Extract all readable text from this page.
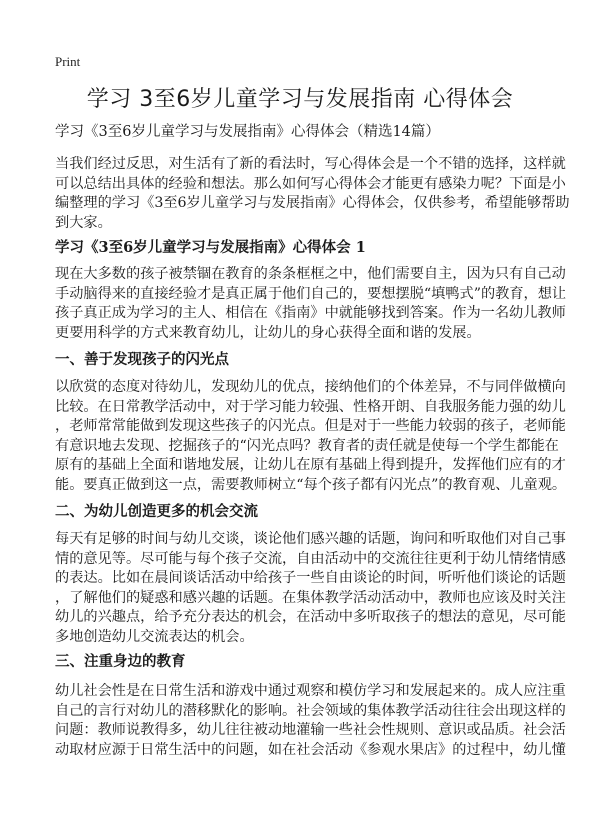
Print
学习 3至6岁儿童学习与发展指南 心得体会
学习《3至6岁儿童学习与发展指南》心得体会（精选14篇）
当我们经过反思，对生活有了新的看法时，写心得体会是一个不错的选择，这样就
可以总结出具体的经验和想法。那么如何写心得体会才能更有感染力呢？下面是小
编整理的学习《3至6岁儿童学习与发展指南》心得体会，仅供参考，希望能够帮助
到大家。
学习《3至6岁儿童学习与发展指南》心得体会 1
现在大多数的孩子被禁锢在教育的条条框框之中，他们需要自主，因为只有自己动
手动脑得来的直接经验才是真正属于他们自己的，要想摆脱“填鸭式”的教育，想让
孩子真正成为学习的主人、相信在《指南》中就能够找到答案。作为一名幼儿教师
更要用科学的方式来教育幼儿，让幼儿的身心获得全面和谐的发展。
一、善于发现孩子的闪光点
以欣赏的态度对待幼儿，发现幼儿的优点，接纳他们的个体差异，不与同伴做横向
比较。在日常教学活动中，对于学习能力较强、性格开朗、自我服务能力强的幼儿
，老师常常能做到发现这些孩子的闪光点。但是对于一些能力较弱的孩子，老师能
有意识地去发现、挖掘孩子的“闪光点吗？教育者的责任就是使每一个学生都能在
原有的基础上全面和谐地发展，让幼儿在原有基础上得到提升，发挥他们应有的才
能。要真正做到这一点，需要教师树立“每个孩子都有闪光点”的教育观、儿童观。
二、为幼儿创造更多的机会交流
每天有足够的时间与幼儿交谈，谈论他们感兴趣的话题，询问和听取他们对自己事
情的意见等。尽可能与每个孩子交流，自由活动中的交流往往更利于幼儿情绪情感
的表达。比如在晨间谈话活动中给孩子一些自由谈论的时间，听听他们谈论的话题
，了解他们的疑惑和感兴趣的话题。在集体教学活动活动中，教师也应该及时关注
幼儿的兴趣点，给予充分表达的机会，在活动中多听取孩子的想法的意见，尽可能
多地创造幼儿交流表达的机会。
三、注重身边的教育
幼儿社会性是在日常生活和游戏中通过观察和模仿学习和发展起来的。成人应注重
自己的言行对幼儿的潜移默化的影响。社会领域的集体教学活动往往会出现这样的
问题：教师说教得多，幼儿往往被动地灌输一些社会性规则、意识或品质。社会活
动取材应源于日常生活中的问题，如在社会活动《参观水果店》的过程中，幼儿懂
